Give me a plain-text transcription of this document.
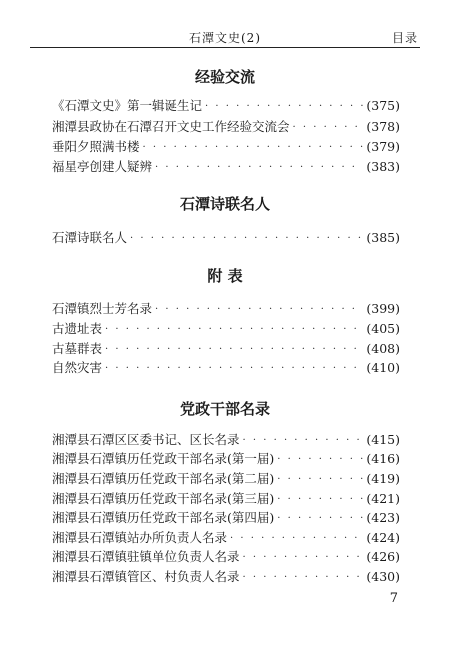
石潭文史(2)	目录
经验交流
《石潭文史》第一辑诞生记 · · ·	(375)
湘潭县政协在石潭召开文史工作经验交流会 · · ·	(378)
垂阳夕照满书楼 · · ·	(379)
福星亭创建人疑辨 · · ·	(383)
石潭诗联名人
石潭诗联名人 · · ·	(385)
附 表
石潭镇烈士芳名录 · · ·	(399)
古遗址表 · · ·	(405)
古墓群表 · · ·	(408)
自然灾害 · · ·	(410)
党政干部名录
湘潭县石潭区区委书记、区长名录 · · ·	(415)
湘潭县石潭镇历任党政干部名录(第一届) · · ·	(416)
湘潭县石潭镇历任党政干部名录(第二届) · · ·	(419)
湘潭县石潭镇历任党政干部名录(第三届) · · ·	(421)
湘潭县石潭镇历任党政干部名录(第四届) · · ·	(423)
湘潭县石潭镇站办所负责人名录 · · ·	(424)
湘潭县石潭镇驻镇单位负责人名录 · · ·	(426)
湘潭县石潭镇管区、村负责人名录 · · ·	(430)
7
